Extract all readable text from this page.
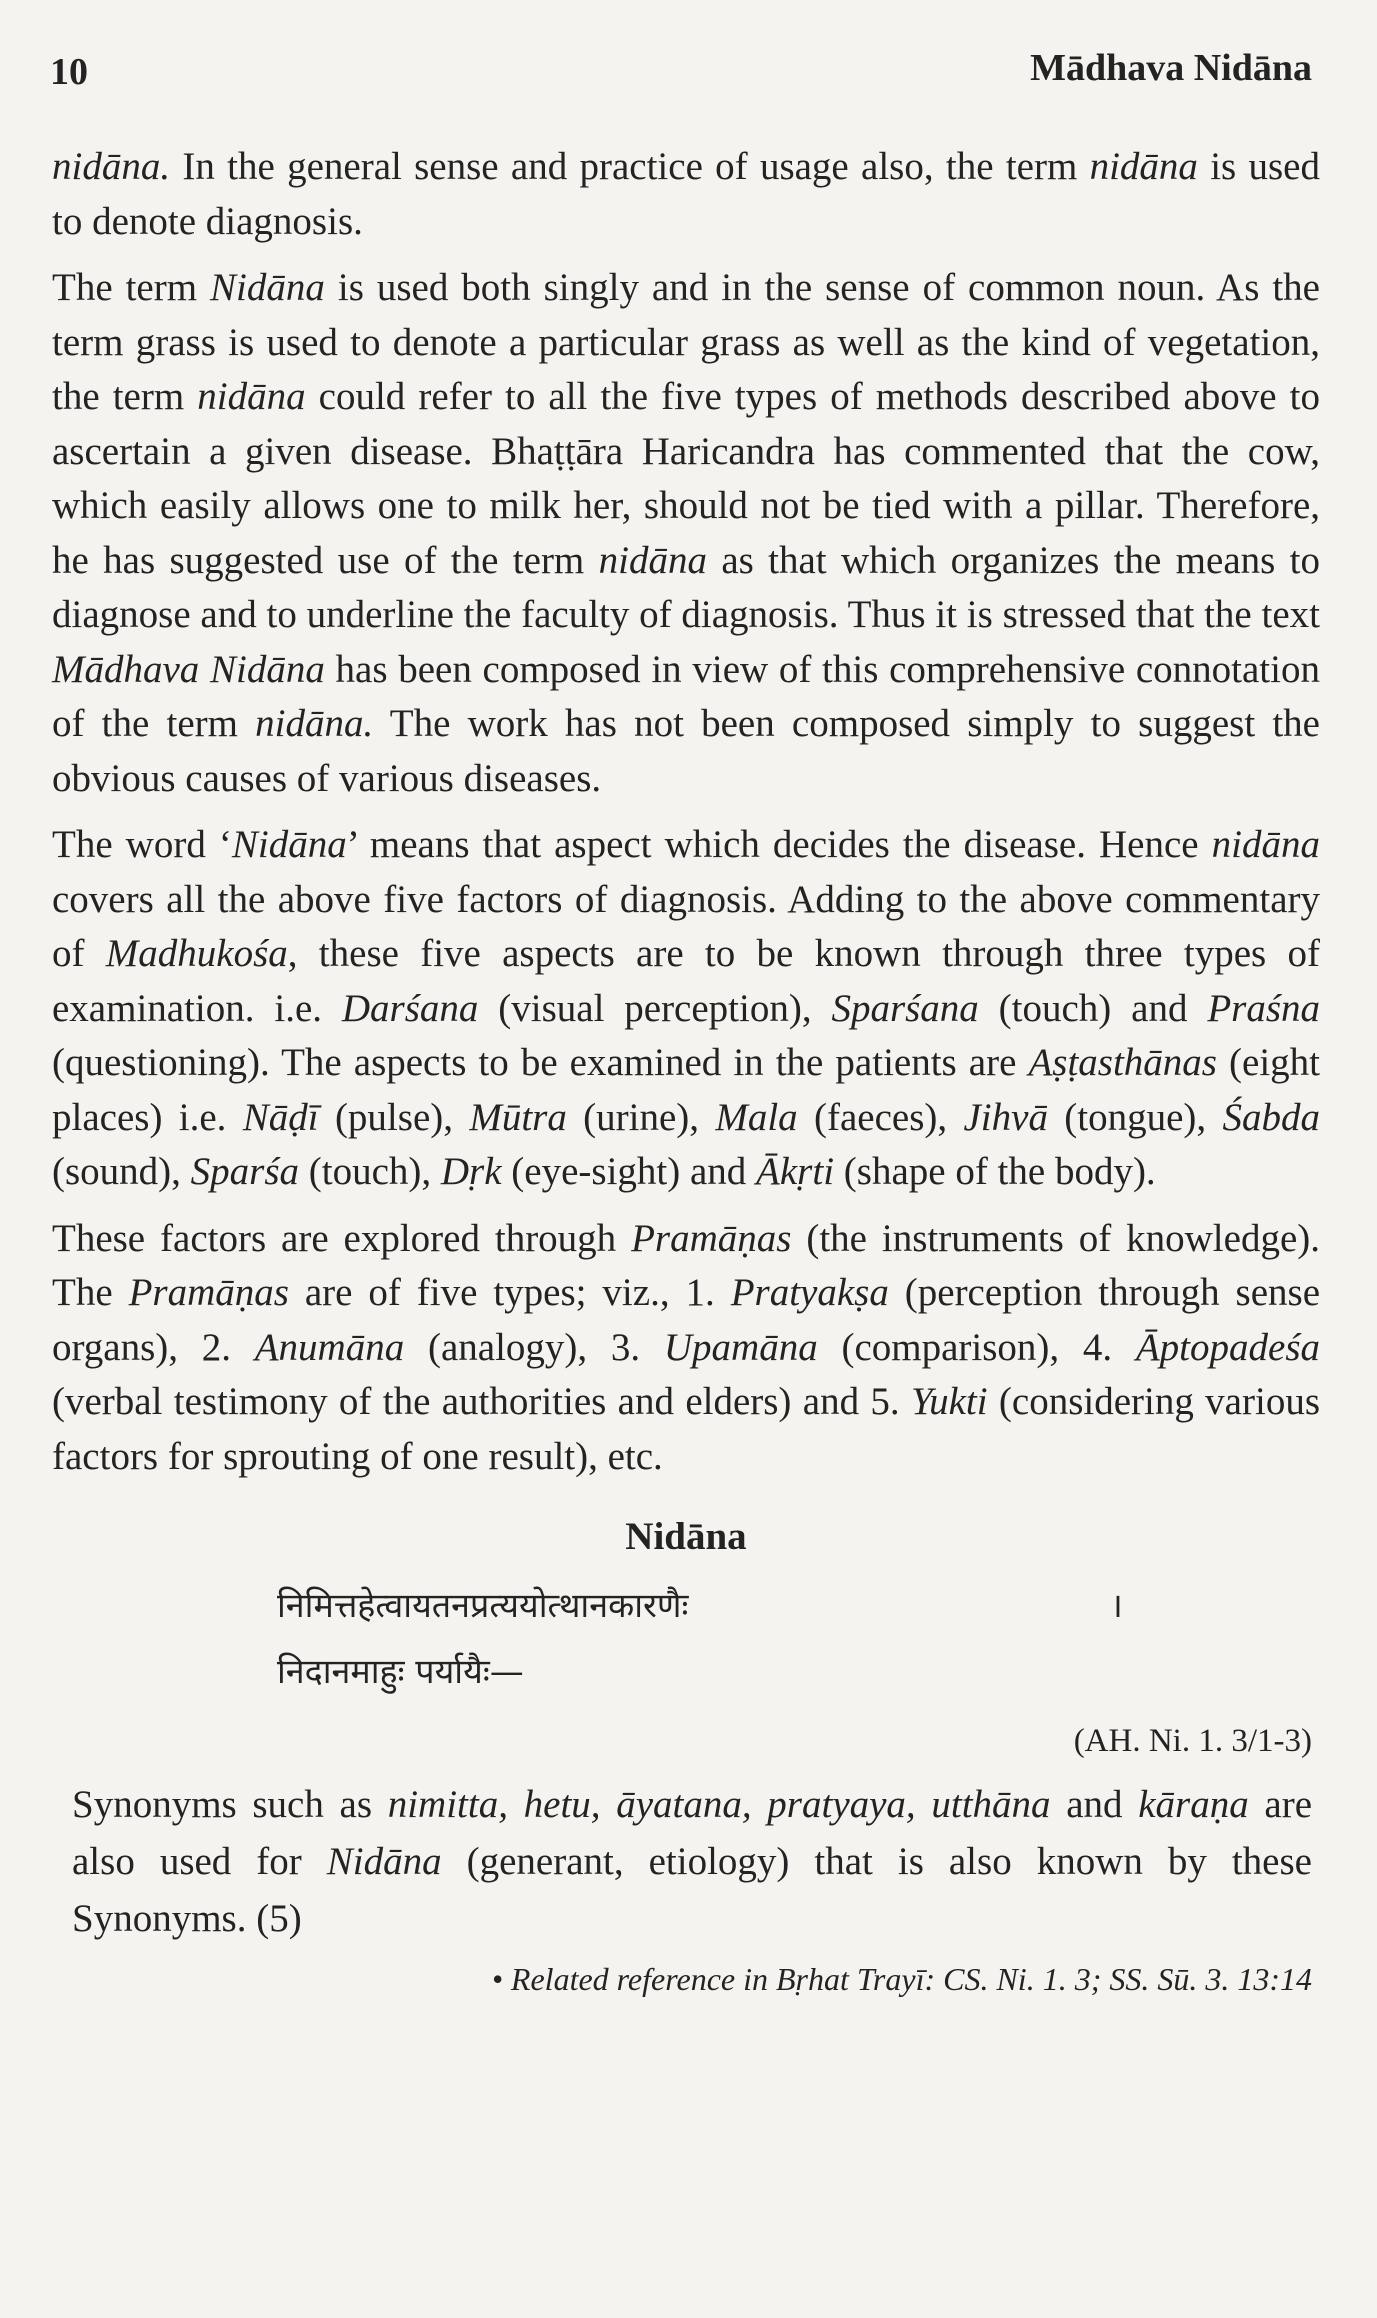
10	Mādhava Nidāna

nidāna. In the general sense and practice of usage also, the term nidāna is used to denote diagnosis.

The term Nidāna is used both singly and in the sense of common noun. As the term grass is used to denote a particular grass as well as the kind of vegetation, the term nidāna could refer to all the five types of methods described above to ascertain a given disease. Bhaṭṭāra Haricandra has commented that the cow, which easily allows one to milk her, should not be tied with a pillar. Therefore, he has suggested use of the term nidāna as that which organizes the means to diagnose and to underline the faculty of diagnosis. Thus it is stressed that the text Mādhava Nidāna has been composed in view of this comprehensive connotation of the term nidāna. The work has not been composed simply to suggest the obvious causes of various diseases.

The word ‘Nidāna’ means that aspect which decides the disease. Hence nidāna covers all the above five factors of diagnosis. Adding to the above commentary of Madhukośa, these five aspects are to be known through three types of examination. i.e. Darśana (visual perception), Sparśana (touch) and Praśna (questioning). The aspects to be examined in the patients are Aṣṭasthānas (eight places) i.e. Nāḍī (pulse), Mūtra (urine), Mala (faeces), Jihvā (tongue), Śabda (sound), Sparśa (touch), Dṛk (eye-sight) and Ākṛti (shape of the body).

These factors are explored through Pramāṇas (the instruments of knowledge). The Pramāṇas are of five types; viz., 1. Pratyakṣa (perception through sense organs), 2. Anumāna (analogy), 3. Upamāna (comparison), 4. Āptopadeśa (verbal testimony of the authorities and elders) and 5. Yukti (considering various factors for sprouting of one result), etc.

Nidāna
निमित्तहेत्वायतनप्रत्ययोत्थानकारणैः	।
निदानमाहुः पर्यायैः—
(AH. Ni. 1. 3/1-3)

Synonyms such as nimitta, hetu, āyatana, pratyaya, utthāna and kāraṇa are also used for Nidāna (generant, etiology) that is also known by these Synonyms. (5)

• Related reference in Bṛhat Trayī: CS. Ni. 1. 3; SS. Sū. 3. 13:14
